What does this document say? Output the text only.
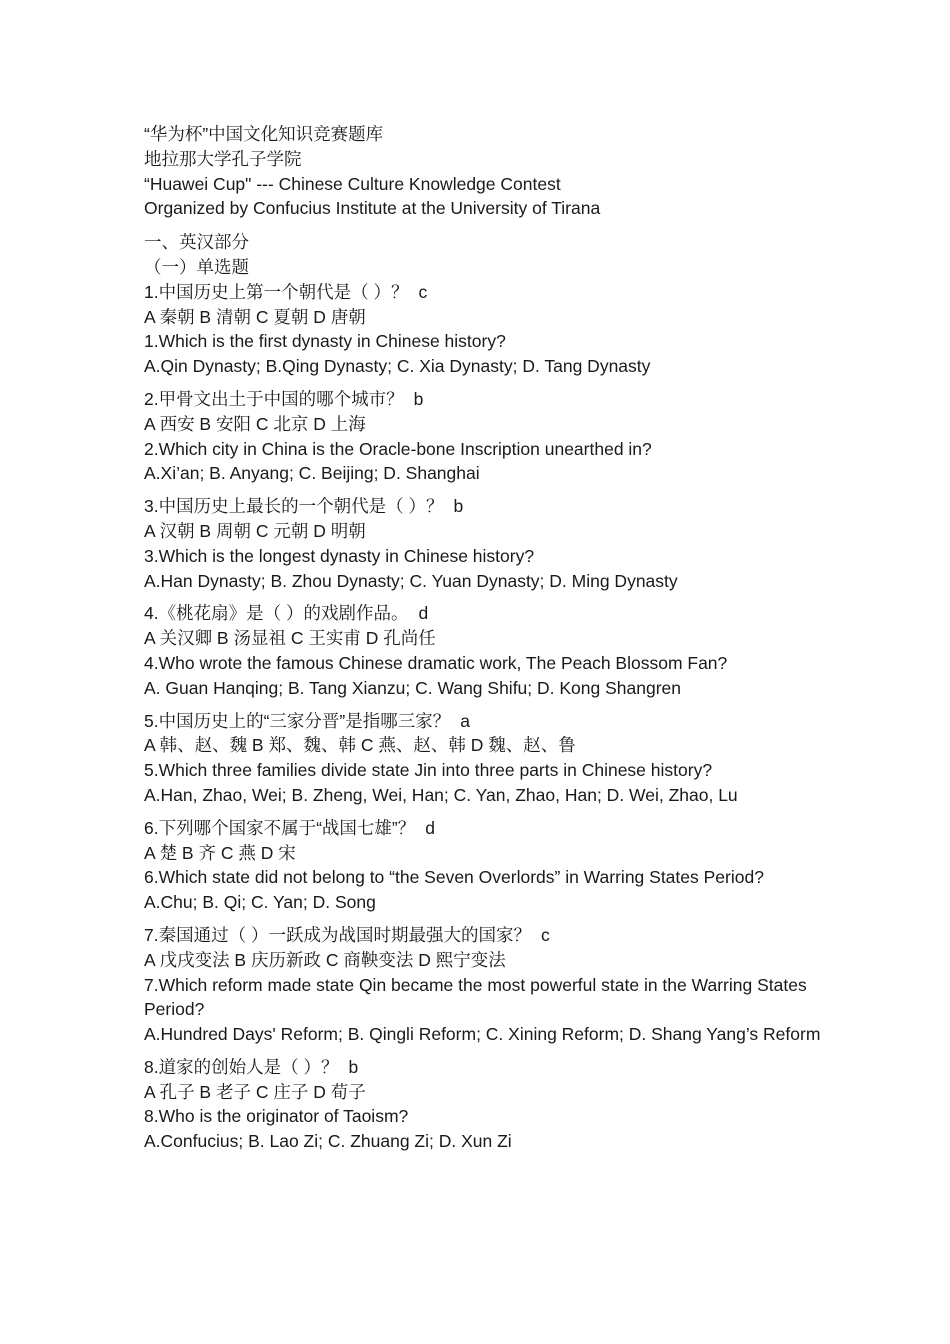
“华为杯”中国文化知识竞赛题库
地拉那大学孔子学院
“Huawei Cup" --- Chinese Culture Knowledge Contest
Organized by Confucius Institute at the University of Tirana
一、英汉部分
（一）单选题
1.中国历史上第一个朝代是（ ）？ c
A 秦朝 B 清朝 C 夏朝 D 唐朝
1.Which is the first dynasty in Chinese history?
A.Qin Dynasty; B.Qing Dynasty; C. Xia Dynasty; D. Tang Dynasty
2.甲骨文出土于中国的哪个城市？ b
A 西安 B 安阳 C 北京 D 上海
2.Which city in China is the Oracle-bone Inscription unearthed in?
A.Xi’an; B. Anyang; C. Beijing; D. Shanghai
3.中国历史上最长的一个朝代是（ ）？ b
A 汉朝 B 周朝 C 元朝 D 明朝
3.Which is the longest dynasty in Chinese history?
A.Han Dynasty; B. Zhou Dynasty; C. Yuan Dynasty; D. Ming Dynasty
4.《桃花扇》是（ ）的戏剧作品。 d
A 关汉卿 B 汤显祖 C 王实甫 D 孔尚任
4.Who wrote the famous Chinese dramatic work, The Peach Blossom Fan?
A. Guan Hanqing; B. Tang Xianzu; C. Wang Shifu; D. Kong Shangren
5.中国历史上的“三家分晋”是指哪三家？ a
A 韩、赵、魏 B 郑、魏、韩 C 燕、赵、韩 D 魏、赵、鲁
5.Which three families divide state Jin into three parts in Chinese history?
A.Han, Zhao, Wei; B. Zheng, Wei, Han; C. Yan, Zhao, Han; D. Wei, Zhao, Lu
6.下列哪个国家不属于“战国七雄”？ d
A 楚 B 齐 C 燕 D 宋
6.Which state did not belong to “the Seven Overlords” in Warring States Period?
A.Chu; B. Qi; C. Yan; D. Song
7.秦国通过（ ）一跃成为战国时期最强大的国家？ c
A 戊戌变法 B 庆历新政 C 商鞅变法 D 熙宁变法
7.Which reform made state Qin became the most powerful state in the Warring States Period?
A.Hundred Days' Reform; B. Qingli Reform; C. Xining Reform; D. Shang Yang’s Reform
8.道家的创始人是（ ）？ b
A 孔子 B 老子 C 庄子 D 荀子
8.Who is the originator of Taoism?
A.Confucius; B. Lao Zi; C. Zhuang Zi; D. Xun Zi
